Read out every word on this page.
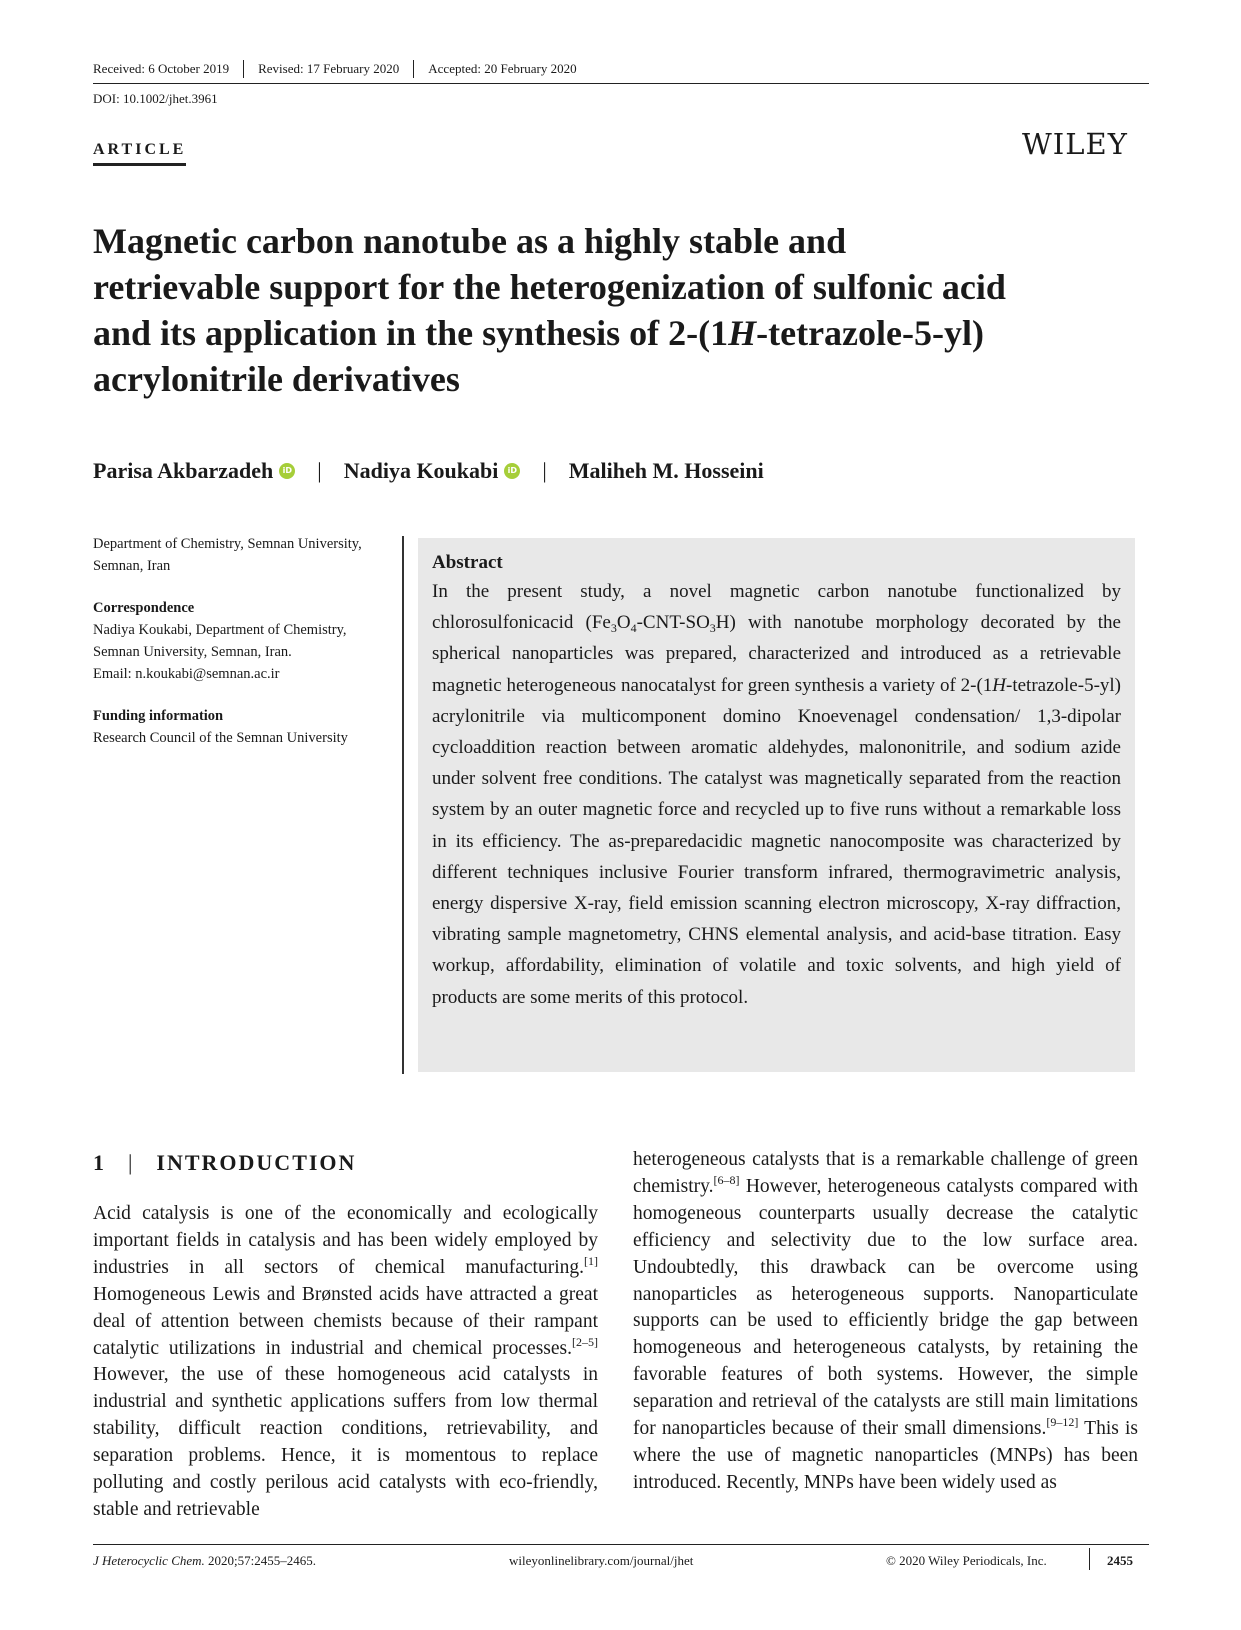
Received: 6 October 2019	Revised: 17 February 2020	Accepted: 20 February 2020
DOI: 10.1002/jhet.3961
ARTICLE	WILEY
Magnetic carbon nanotube as a highly stable and
retrievable support for the heterogenization of sulfonic acid
and its application in the synthesis of 2-(1H-tetrazole-5-yl)
acrylonitrile derivatives
Parisa Akbarzadeh	iD | Nadiya Koukabi	iD | Maliheh M. Hosseini

Department of Chemistry, Semnan University, Semnan, Iran

Correspondence

Nadiya Koukabi, Department of Chemistry, Semnan University, Semnan, Iran.

Email: n.koukabi@semnan.ac.ir

Funding information

Research Council of the Semnan University

Abstract

In the present study, a novel magnetic carbon nanotube functionalized by chlorosulfonicacid $(Fe_3O_4-CNT-SO_3H)$ with nanotube morphology decorated by the spherical nanoparticles was prepared, characterized and introduced as a retrievable magnetic heterogeneous nanocatalyst for green synthesis a variety of 2-(1H-tetrazole-5-yl) acrylonitrile via multicomponent domino Knoevenagel condensation/ 1,3-dipolar cycloaddition reaction between aromatic aldehydes, malononitrile, and sodium azide under solvent free conditions. The catalyst was magnetically separated from the reaction system by an outer magnetic force and recycled up to five runs without a remarkable loss in its efficiency. The as-preparedacidic magnetic nanocomposite was characterized by different techniques inclusive Fourier transform infrared, thermogravimetric analysis, energy dispersive X-ray, field emission scanning electron microscopy, X-ray diffraction, vibrating sample magnetometry, CHNS elemental analysis, and acid-base titration. Easy workup, affordability, elimination of volatile and toxic solvents, and high yield of products are some merits of this protocol.

1 | INTRODUCTION

Acid catalysis is one of the economically and ecologically important fields in catalysis and has been widely employed by industries in all sectors of chemical manufacturing.[1] Homogeneous Lewis and Brønsted acids have attracted a great deal of attention between chemists because of their rampant catalytic utilizations in industrial and chemical processes.[2–5] However, the use of these homogeneous acid catalysts in industrial and synthetic applications suffers from low thermal stability, difficult reaction conditions, retrievability, and separation problems. Hence, it is momentous to replace polluting and costly perilous acid catalysts with eco-friendly, stable and retrievable

heterogeneous catalysts that is a remarkable challenge of green chemistry.[6–8] However, heterogeneous catalysts compared with homogeneous counterparts usually decrease the catalytic efficiency and selectivity due to the low surface area. Undoubtedly, this drawback can be overcome using nanoparticles as heterogeneous supports. Nanoparticulate supports can be used to efficiently bridge the gap between homogeneous and heterogeneous catalysts, by retaining the favorable features of both systems. However, the simple separation and retrieval of the catalysts are still main limitations for nanoparticles because of their small dimensions.[9–12] This is where the use of magnetic nanoparticles (MNPs) has been introduced. Recently, MNPs have been widely used as

J Heterocyclic Chem. 2020;57:2455–2465.	wileyonlinelibrary.com/journal/jhet	© 2020 Wiley Periodicals, Inc.	2455
